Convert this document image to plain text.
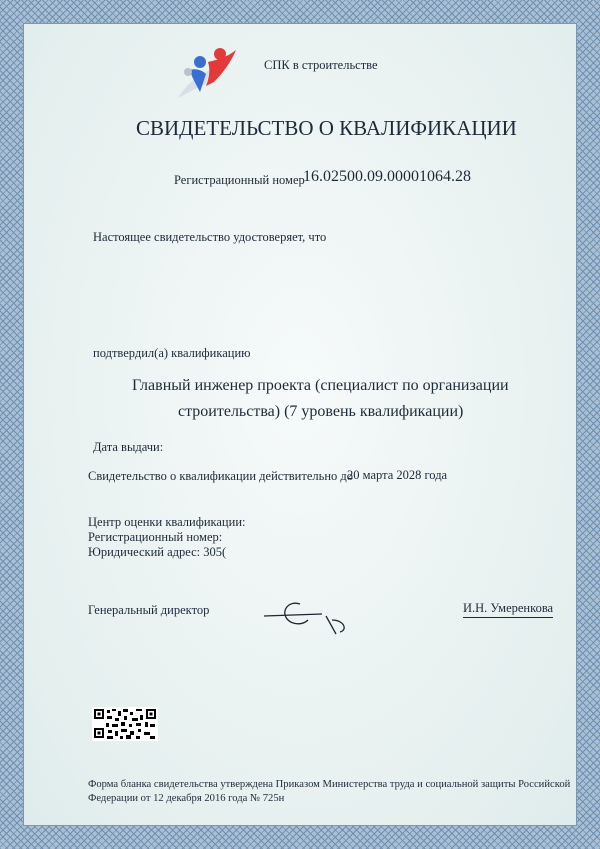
СПК в строительстве
СВИДЕТЕЛЬСТВО О КВАЛИФИКАЦИИ
Регистрационный номер
16.02500.09.00001064.28
Настоящее свидетельство удостоверяет, что
подтвердил(а) квалификацию
Главный инженер проекта (специалист по организации
строительства) (7 уровень квалификации)
Дата выдачи:
Свидетельство о квалификации действительно до
20 марта 2028 года
Центр оценки квалификации:
Регистрационный номер:
Юридический адрес: 305(
Генеральный директор	И.Н. Умеренкова
Форма бланка свидетельства утверждена Приказом Министерства труда и социальной защиты Российской
Федерации от 12 декабря 2016 года № 725н
